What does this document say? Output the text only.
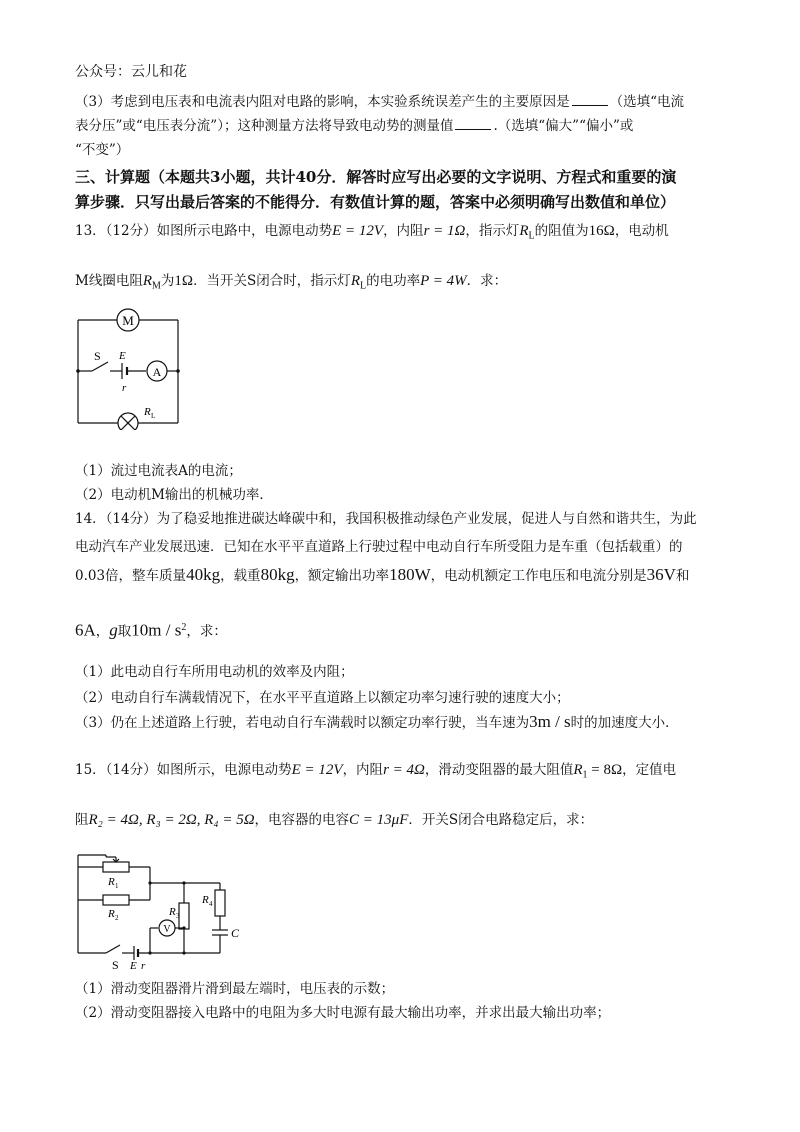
公众号：云儿和花
（3）考虑到电压表和电流表内阻对电路的影响，本实验系统误差产生的主要原因是	（选填“电流
表分压”或“电压表分流”）；这种测量方法将导致电动势的测量值	.（选填“偏大”“偏小”或
“不变”）
三、计算题（本题共3小题，共计40分．解答时应写出必要的文字说明、方程式和重要的演
算步骤．只写出最后答案的不能得分．有数值计算的题，答案中必须明确写出数值和单位）
13．（12分）如图所示电路中，电源电动势E = 12V，内阻r = 1Ω，指示灯$R_L$的阻值为16Ω，电动机
M线圈电阻$R_M$为1Ω．当开关S闭合时，指示灯$R_L$的电功率P = 4W．求：
M
A
S E
r
R L
（1）流过电流表A的电流；
（2）电动机M输出的机械功率．
14．（14分）为了稳妥地推进碳达峰碳中和，我国积极推动绿色产业发展，促进人与自然和谐共生，为此
电动汽车产业发展迅速．已知在水平平直道路上行驶过程中电动自行车所受阻力是车重（包括载重）的
0.03倍，整车质量40kg，载重80kg，额定输出功率180W，电动机额定工作电压和电流分别是36V和
6A，g取$10m / s^2$，求：
（1）此电动自行车所用电动机的效率及内阻；
（2）电动自行车满载情况下，在水平平直道路上以额定功率匀速行驶的速度大小；
（3）仍在上述道路上行驶，若电动自行车满载时以额定功率行驶，当车速为3m / s时的加速度大小．
15．（14分）如图所示，电源电动势E = 12V，内阻r = 4Ω，滑动变阻器的最大阻值$R_1 = 8\Omega$，定值电
阻R₂ = 4Ω, R₃ = 2Ω, R₄ = 5Ω，电容器的电容C = 13μF．开关S闭合电路稳定后，求：
R 1
R 2	R 3
R 4
C
V
S E r
（1）滑动变阻器滑片滑到最左端时，电压表的示数；
（2）滑动变阻器接入电路中的电阻为多大时电源有最大输出功率，并求出最大输出功率；
